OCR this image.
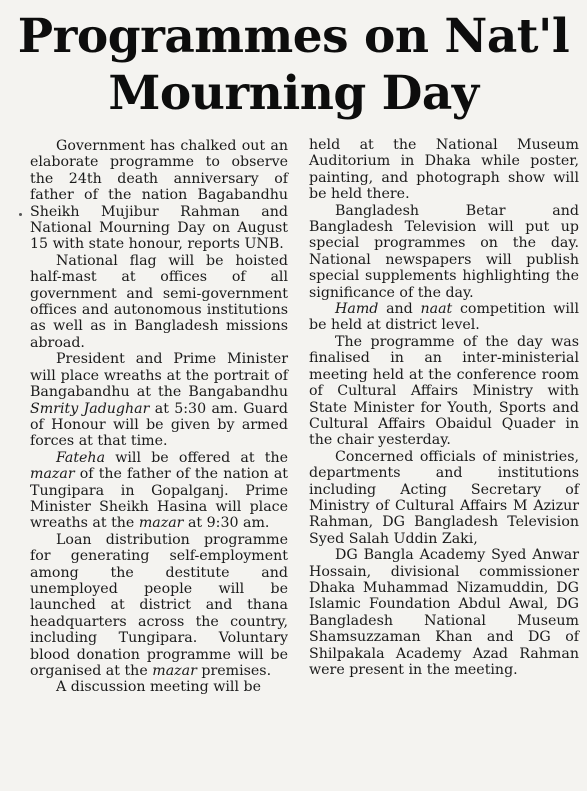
Programmes on Nat'l
Mourning Day

Government has chalked out an elaborate programme to observe the 24th death anniversary of father of the nation Bagabandhu Sheikh Mujibur Rahman and National Mourning Day on August 15 with state honour, reports UNB.

National flag will be hoisted half-mast at offices of all government and semi-government offices and autonomous institutions as well as in Bangladesh missions abroad.

President and Prime Minister will place wreaths at the portrait of Bangabandhu at the Bangabandhu Smrity Jadughar at 5:30 am. Guard of Honour will be given by armed forces at that time.

Fateha will be offered at the mazar of the father of the nation at Tungipara in Gopalganj. Prime Minister Sheikh Hasina will place wreaths at the mazar at 9:30 am.

Loan distribution programme for generating self-employment among the destitute and unemployed people will be launched at district and thana headquarters across the country, including Tungipara. Voluntary blood donation programme will be organised at the mazar premises.

A discussion meeting will be

held at the National Museum Auditorium in Dhaka while poster, painting, and photograph show will be held there.

Bangladesh Betar and Bangladesh Television will put up special programmes on the day. National newspapers will publish special supplements highlighting the significance of the day.

Hamd and naat competition will be held at district level.

The programme of the day was finalised in an inter-ministerial meeting held at the conference room of Cultural Affairs Ministry with State Minister for Youth, Sports and Cultural Affairs Obaidul Quader in the chair yesterday.

Concerned officials of ministries, departments and institutions including Acting Secretary of Ministry of Cultural Affairs M Azizur Rahman, DG Bangladesh Television Syed Salah Uddin Zaki,

DG Bangla Academy Syed Anwar Hossain, divisional commissioner Dhaka Muhammad Nizamuddin, DG Islamic Foundation Abdul Awal, DG Bangladesh National Museum Shamsuzzaman Khan and DG of Shilpakala Academy Azad Rahman were present in the meeting.
